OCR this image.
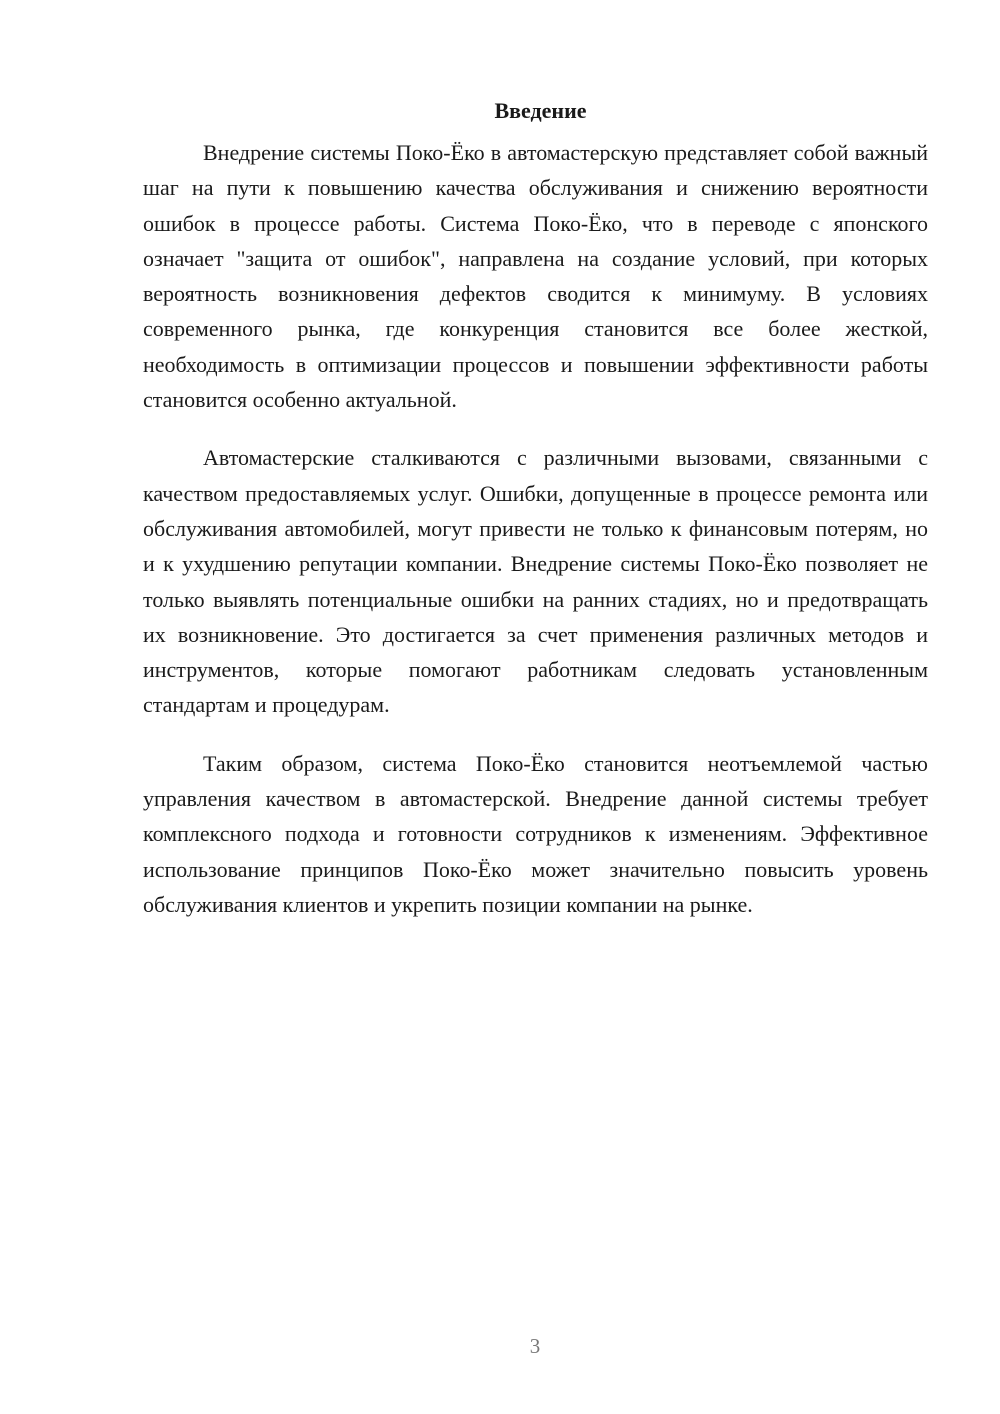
Введение

Внедрение системы Поко-Ёко в автомастерскую представляет собой важный шаг на пути к повышению качества обслуживания и снижению вероятности ошибок в процессе работы. Система Поко-Ёко, что в переводе с японского означает "защита от ошибок", направлена на создание условий, при которых вероятность возникновения дефектов сводится к минимуму. В условиях современного рынка, где конкуренция становится все более жесткой, необходимость в оптимизации процессов и повышении эффективности работы становится особенно актуальной.

Автомастерские сталкиваются с различными вызовами, связанными с качеством предоставляемых услуг. Ошибки, допущенные в процессе ремонта или обслуживания автомобилей, могут привести не только к финансовым потерям, но и к ухудшению репутации компании. Внедрение системы Поко-Ёко позволяет не только выявлять потенциальные ошибки на ранних стадиях, но и предотвращать их возникновение. Это достигается за счет применения различных методов и инструментов, которые помогают работникам следовать установленным стандартам и процедурам.

Таким образом, система Поко-Ёко становится неотъемлемой частью управления качеством в автомастерской. Внедрение данной системы требует комплексного подхода и готовности сотрудников к изменениям. Эффективное использование принципов Поко-Ёко может значительно повысить уровень обслуживания клиентов и укрепить позиции компании на рынке.

3
